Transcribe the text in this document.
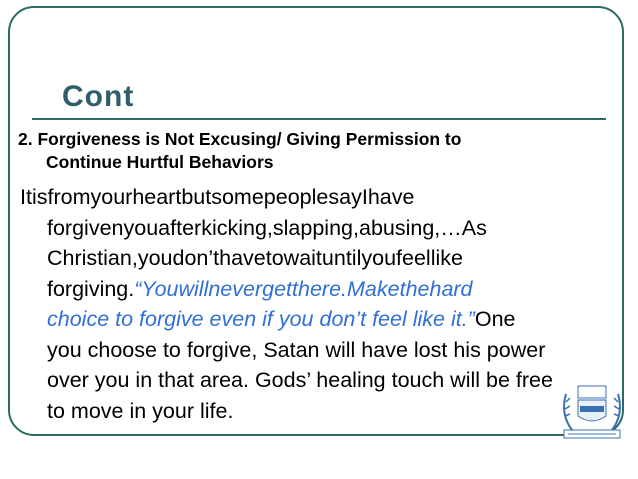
Cont
2. Forgiveness is Not Excusing/ Giving Permission to
Continue Hurtful Behaviors
ItisfromyourheartbutsomepeoplesayIhave
forgivenyouafterkicking,slapping,abusing,…As
Christian,youdon’thavetowaituntilyoufeellike
forgiving.“Youwillnevergetthere.Makethehard
choice to forgive even if you don’t feel like it.”One
you choose to forgive, Satan will have lost his power
over you in that area. Gods’ healing touch will be free
to move in your life.
